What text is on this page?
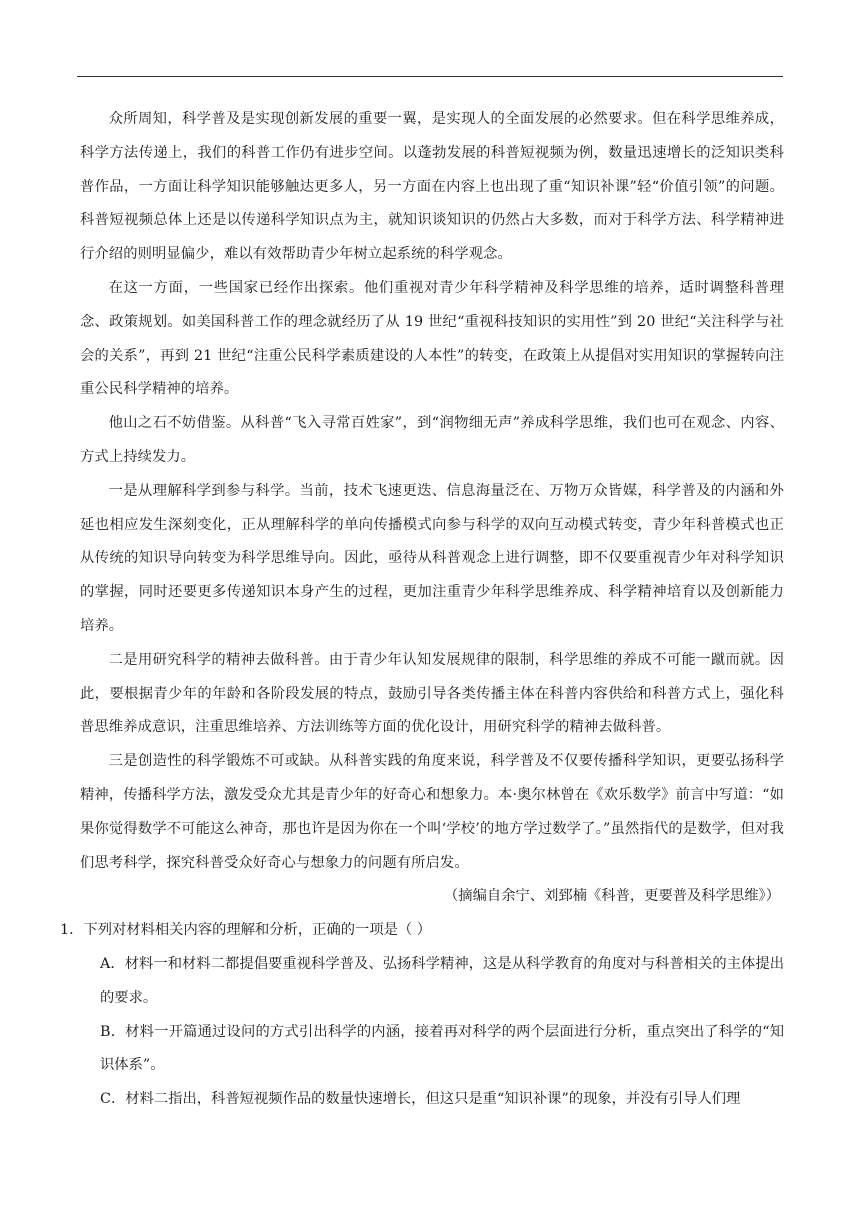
众所周知，科学普及是实现创新发展的重要一翼，是实现人的全面发展的必然要求。但在科学思维养成，科学方法传递上，我们的科普工作仍有进步空间。以蓬勃发展的科普短视频为例，数量迅速增长的泛知识类科普作品，一方面让科学知识能够触达更多人，另一方面在内容上也出现了重“知识补课”轻“价值引领”的问题。科普短视频总体上还是以传递科学知识点为主，就知识谈知识的仍然占大多数，而对于科学方法、科学精神进行介绍的则明显偏少，难以有效帮助青少年树立起系统的科学观念。

在这一方面，一些国家已经作出探索。他们重视对青少年科学精神及科学思维的培养，适时调整科普理念、政策规划。如美国科普工作的理念就经历了从 19 世纪“重视科技知识的实用性”到 20 世纪“关注科学与社会的关系”，再到 21 世纪“注重公民科学素质建设的人本性”的转变，在政策上从提倡对实用知识的掌握转向注重公民科学精神的培养。

他山之石不妨借鉴。从科普“飞入寻常百姓家”，到“润物细无声”养成科学思维，我们也可在观念、内容、方式上持续发力。

一是从理解科学到参与科学。当前，技术飞速更迭、信息海量泛在、万物万众皆媒，科学普及的内涵和外延也相应发生深刻变化，正从理解科学的单向传播模式向参与科学的双向互动模式转变，青少年科普模式也正从传统的知识导向转变为科学思维导向。因此，亟待从科普观念上进行调整，即不仅要重视青少年对科学知识的掌握，同时还要更多传递知识本身产生的过程，更加注重青少年科学思维养成、科学精神培育以及创新能力培养。

二是用研究科学的精神去做科普。由于青少年认知发展规律的限制，科学思维的养成不可能一蹴而就。因此，要根据青少年的年龄和各阶段发展的特点，鼓励引导各类传播主体在科普内容供给和科普方式上，强化科普思维养成意识，注重思维培养、方法训练等方面的优化设计，用研究科学的精神去做科普。

三是创造性的科学锻炼不可或缺。从科普实践的角度来说，科学普及不仅要传播科学知识，更要弘扬科学精神，传播科学方法，激发受众尤其是青少年的好奇心和想象力。本·奥尔林曾在《欢乐数学》前言中写道：“如果你觉得数学不可能这么神奇，那也许是因为你在一个叫‘学校’的地方学过数学了。”虽然指代的是数学，但对我们思考科学，探究科普受众好奇心与想象力的问题有所启发。

（摘编自余宁、刘郅楠《科普，更要普及科学思维》）

1．下列对材料相关内容的理解和分析，正确的一项是（ ）

A．材料一和材料二都提倡要重视科学普及、弘扬科学精神，这是从科学教育的角度对与科普相关的主体提出的要求。

B．材料一开篇通过设问的方式引出科学的内涵，接着再对科学的两个层面进行分析，重点突出了科学的“知识体系”。

C．材料二指出，科普短视频作品的数量快速增长，但这只是重“知识补课”的现象，并没有引导人们理
